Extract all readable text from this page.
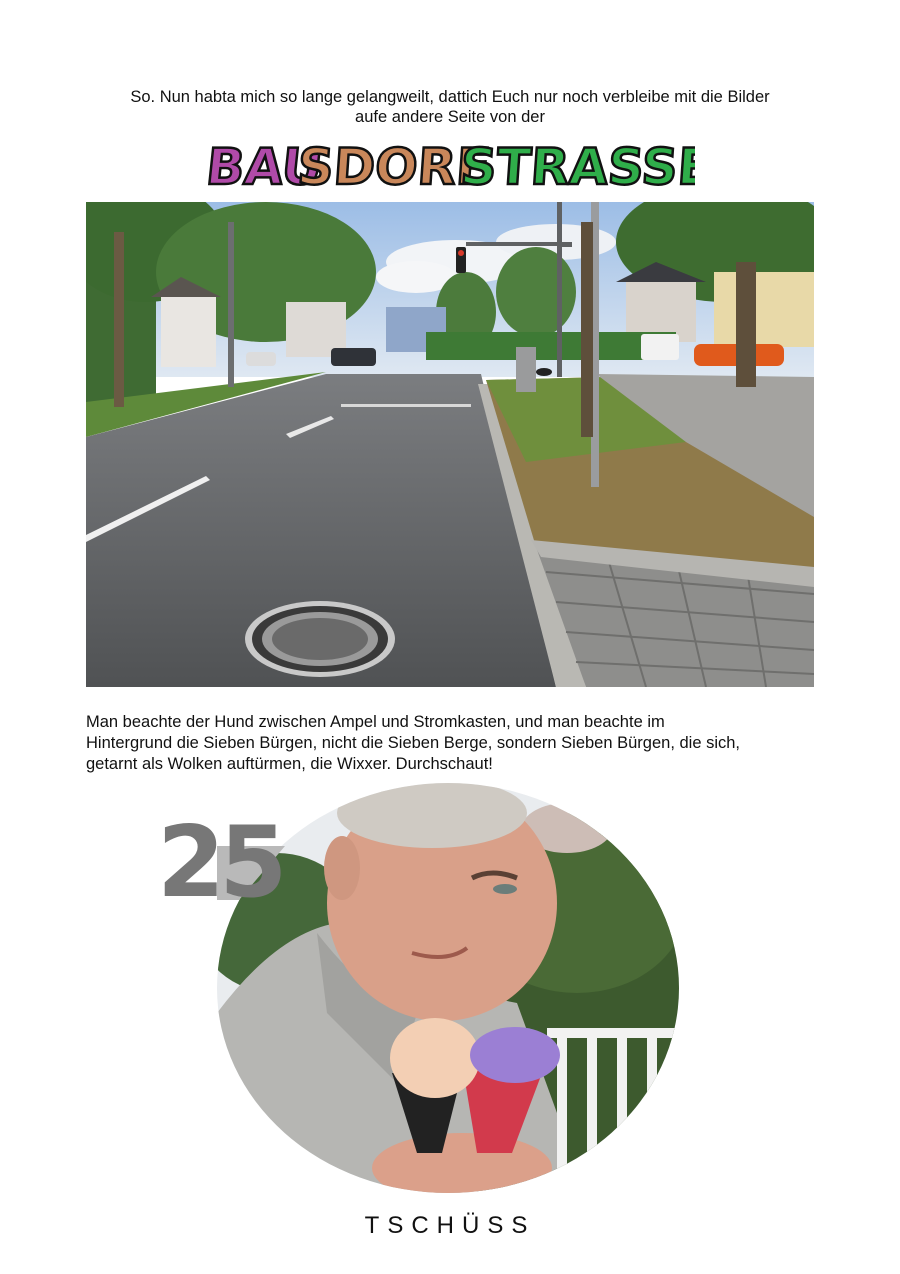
So. Nun habta mich so lange gelangweilt, dattich Euch nur noch verbleibe mit die Bilder
aufe andere Seite von der
BAU
SDORF
STRASSE
Man beachte der Hund zwischen Ampel und Stromkasten, und man beachte im
Hintergrund die Sieben Bürgen, nicht die Sieben Berge, sondern Sieben Bürgen, die sich,
getarnt als Wolken auftürmen, die Wixxer. Durchschaut!
25
TSCHÜSS
